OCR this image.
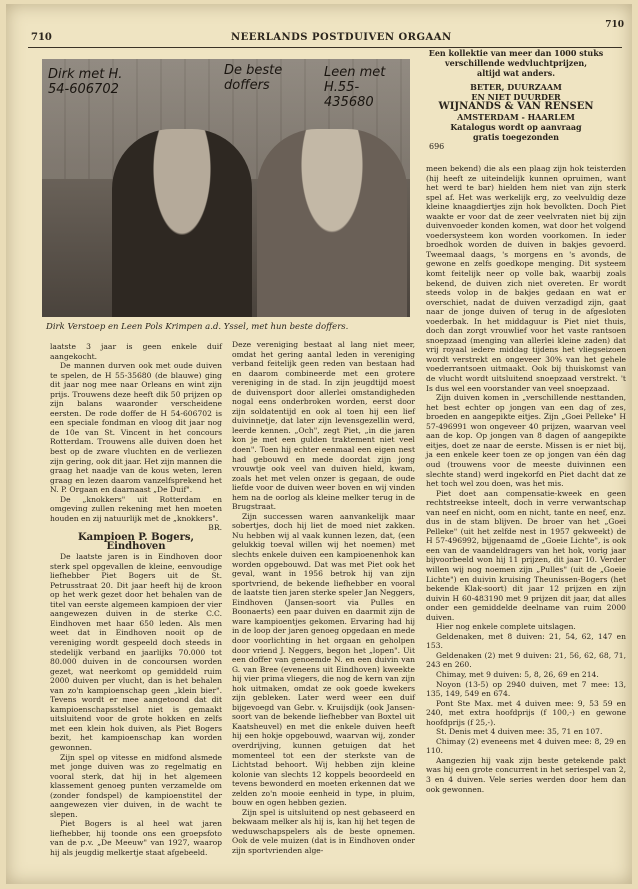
710	NEERLANDS POSTDUIVEN ORGAAN
710
Dirk met H. 54-606702
De beste doffers
Leen met H.55-435680
Dirk Verstoep en Leen Pols Krimpen a.d. Yssel, met hun beste doffers.
Een kollektie van meer dan 1000 stuks
verschillende wedvluchtprijzen,
altijd wat anders.
BETER, DUURZAAM
EN NIET DUURDER
WIJNANDS & VAN RENSEN
AMSTERDAM - HAARLEM
Katalogus wordt op aanvraag
gratis toegezonden
696

laatste 3 jaar is geen enkele duif aangekocht.

De mannen durven ook met oude duiven te spelen, de H 55-35680 (de blauwe) ging dit jaar nog mee naar Orleans en wint zijn prijs. Trouwens deze heeft dik 50 prijzen op zijn balans waaronder verscheidene eersten. De rode doffer de H 54-606702 is een speciale fondman en vloog dit jaar nog de 10e van St. Vincent in het concours Rotterdam. Trouwens alle duiven doen het best op de zware vluchten en de verliezen zijn gering, ook dit jaar. Het zijn mannen die graag het naadje van de kous weten, leren graag en lezen daarom vanzelfsprekend het N. P. Orgaan en daarnaast „De Duif".

De „knokkers" uit Rotterdam en omgeving zullen rekening met hen moeten houden en zij natuurlijk met de „knokkers".

BR.

Kampioen P. Bogers,
Eindhoven

De laatste jaren is in Eindhoven door sterk spel opgevallen de kleine, eenvoudige liefhebber Piet Bogers uit de St. Petrusstraat 20. Dit jaar heeft hij de kroon op het werk gezet door het behalen van de titel van eerste algemeen kampioen der vier aangewezen duiven in de sterke C.C. Eindhoven met haar 650 leden. Als men weet dat in Eindhoven nooit op de vereniging wordt gespeeld doch steeds in stedelijk verband en jaarlijks 70.000 tot 80.000 duiven in de concoursen worden gezet, wat neerkomt op gemiddeld ruim 2000 duiven per vlucht, dan is het behalen van zo'n kampioenschap geen „klein bier". Tevens wordt er mee aangetoond dat dit kampioenschapsstelsel niet is gemaakt uitsluitend voor de grote hokken en zelfs met een klein hok duiven, als Piet Bogers bezit, het kampioenschap kan worden gewonnen.

Zijn spel op vitesse en midfond alsmede met jonge duiven was zo regelmatig en vooral sterk, dat hij in het algemeen klassement genoeg punten verzamelde om (zonder fondspel) de kampioenstitel der aangewezen vier duiven, in de wacht te slepen.

Piet Bogers is al heel wat jaren liefhebber, hij toonde ons een groepsfoto van de p.v. „De Meeuw" van 1927, waarop hij als jeugdig melkertje staat afgebeeld.

Deze vereniging bestaat al lang niet meer, omdat het gering aantal leden in vereniging verband feitelijk geen reden van bestaan had en daarom combineerde met een grotere vereniging in de stad. In zijn jeugdtijd moest de duivensport door allerlei omstandigheden nogal eens onderbroken worden, eerst door zijn soldatentijd en ook al toen hij een lief duivinnetje, dat later zijn levensgezellin werd, leerde kennen. „Och", zegt Piet, „in die jaren kon je met een gulden traktement niet veel doen". Toen hij echter eenmaal een eigen nest had gebouwd en mede doordat zijn jong vrouwtje ook veel van duiven hield, kwam, zoals het met velen onzer is gegaan, de oude liefde voor de duiven weer boven en wij vinden hem na de oorlog als kleine melker terug in de Brugstraat.

Zijn successen waren aanvankelijk maar sobertjes, doch hij liet de moed niet zakken. Nu hebben wij al vaak kunnen lezen, dat, (een gelukkig toeval willen wij het noemen) met slechts enkele duiven een kampioenenhok kan worden opgebouwd. Dat was met Piet ook het geval, want in 1956 betrok hij van zijn sportvriend, de bekende liefhebber en vooral de laatste tien jaren sterke speler Jan Neggers, Eindhoven (Jansen-soort via Pulles en Boonaerts) een paar duiven en daarmit zijn de ware kampioentjes gekomen. Ervaring had hij in de loop der jaren genoeg opgedaan en mede door voorlichting in het orgaan en geholpen door vriend J. Neggers, begon het „lopen". Uit een doffer van genoemde N. en een duivin van G. van Bree (eveneens uit Eindhoven) kweekte hij vier prima vliegers, die nog de kern van zijn hok uitmaken, omdat ze ook goede kwekers zijn gebleken. Later werd weer een duif bijgevoegd van Gebr. v. Kruijsdijk (ook Jansen-soort van de bekende liefhebber van Boxtel uit Kaatsheuvel) en met die enkele duiven heeft hij een hokje opgebouwd, waarvan wij, zonder overdrijving, kunnen getuigen dat het momenteel tot een der sterkste van de Lichtstad behoort. Wij hebben zijn kleine kolonie van slechts 12 koppels beoordeeld en tevens bewonderd en moeten erkennen dat we zelden zo'n mooie eenheid in type, in pluim, bouw en ogen hebben gezien.

Zijn spel is uitsluitend op nest gebaseerd en bekwaam melker als hij is, kan hij het tegen de weduwschapspelers als de beste opnemen. Ook de vele muizen (dat is in Eindhoven onder zijn sportvrienden alge-

meen bekend) die als een plaag zijn hok teisterden (hij heeft ze uiteindelijk kunnen opruimen, want het werd te bar) hielden hem niet van zijn sterk spel af. Het was werkelijk erg, zo veelvuldig deze kleine knaagdiertjes zijn hok bevolkten. Doch Piet waakte er voor dat de zeer veelvraten niet bij zijn duivenvoeder konden komen, wat door het volgend voedersysteem kon worden voorkomen. In ieder broedhok worden de duiven in bakjes gevoerd. Tweemaal daags, 's morgens en 's avonds, de gewone en zelfs goedkope menging. Dit systeem komt feitelijk neer op volle bak, waarbij zoals bekend, de duiven zich niet overeten. Er wordt steeds volop in de bakjes gedaan en wat er overschiet, nadat de duiven verzadigd zijn, gaat naar de jonge duiven of terug in de afgesloten voederbak. In het middaguur is Piet niet thuis, doch dan zorgt vrouwlief voor het vaste rantsoen snoepzaad (menging van allerlei kleine zaden) dat vrij royaal iedere middag tijdens het vliegseizoen wordt verstrekt en ongeveer 30% van het gehele voederrantsoen uitmaakt. Ook bij thuiskomst van de vlucht wordt uitsluitend snoepzaad verstrekt. 't Is dus wel een voorstander van veel snoepzaad.

Zijn duiven komen in „verschillende nesttanden, het best echter op jongen van een dag of zes, broeden en aangepikte eitjes. Zijn „Goei Pelleke" H 57-496991 won ongeveer 40 prijzen, waarvan veel aan de kop. Op jongen van 8 dagen of aangepikte eitjes, doet ze naar de eerste. Missen is er niet bij, ja een enkele keer toen ze op jongen van één dag oud (trouwens voor de meeste duivinnen een slechte stand) werd ingekorfd en Piet dacht dat ze het toch wel zou doen, was het mis.

Piet doet aan compensatie-kweek en geen rechtstreekse inteelt, doch in verre verwantschap van neef en nicht, oom en nicht, tante en neef, enz. dus in de stam blijven. De broer van het „Goei Pelleke" (uit het zelfde nest in 1957 gekweekt) de H 57-496992, bijgenaamd de „Goeie Lichte", is ook een van de vaandeldragers van het hok, vorig jaar bijvoorbeeld won hij 11 prijzen, dit jaar 10. Verder willen wij nog noemen zijn „Pulles" (uit de „Goeie Lichte") en duivin kruising Theunissen-Bogers (het bekende Klak-soort) dit jaar 12 prijzen en zijn duivin H 60-483190 met 9 prijzen dit jaar, dat alles onder een gemiddelde deelname van ruim 2000 duiven.

Hier nog enkele complete uitslagen.

Geldenaken, met 8 duiven: 21, 54, 62, 147 en 153.

Geldenaken (2) met 9 duiven: 21, 56, 62, 68, 71, 243 en 260.

Chimay, met 9 duiven: 5, 8, 26, 69 en 214.

Noyon (13-5) op 2940 duiven, met 7 mee: 13, 135, 149, 549 en 674.

Pont Ste Max. met 4 duiven mee: 9, 53 59 en 240, met extra hoofdprijs (f 100,-) en gewone hoofdprijs (f 25,-).

St. Denis met 4 duiven mee: 35, 71 en 107.

Chimay (2) eveneens met 4 duiven mee: 8, 29 en 110.

Aangezien hij vaak zijn beste getekende pakt was hij een grote concurrent in het seriespel van 2, 3 en 4 duiven. Vele series werden door hem dan ook gewonnen.
